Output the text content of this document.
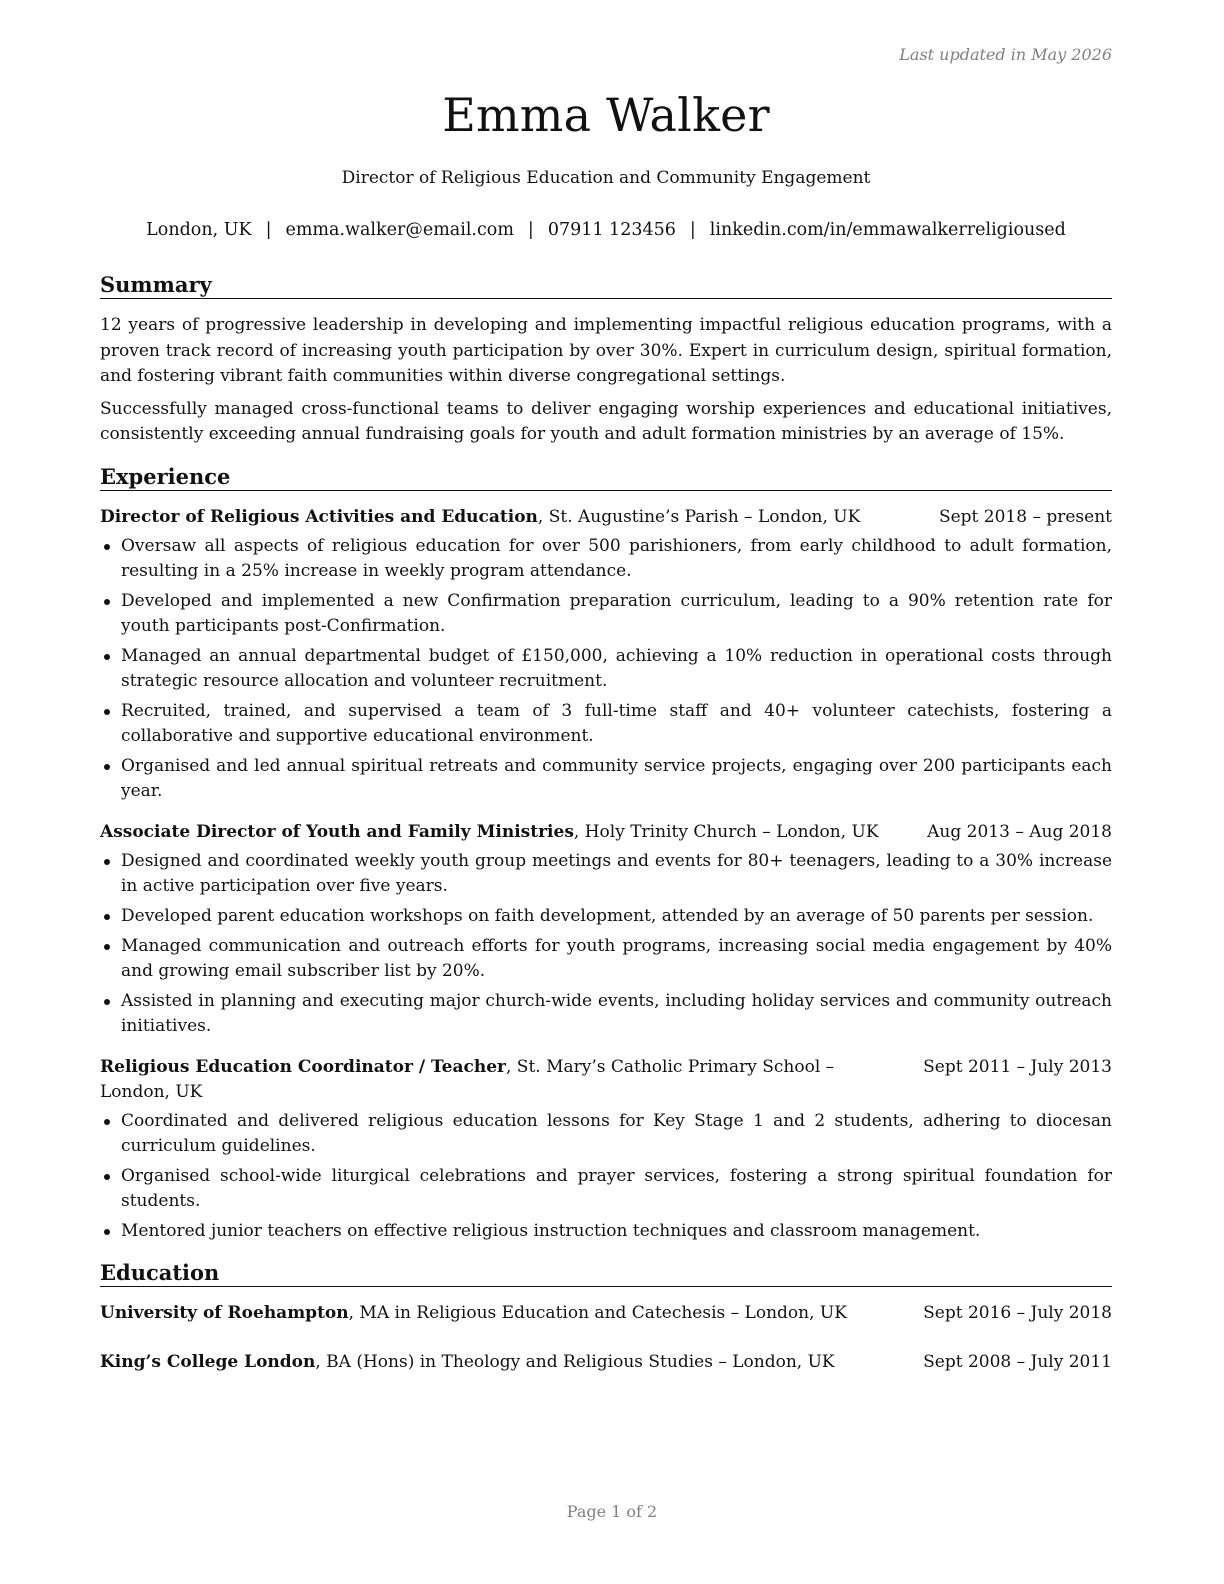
Last updated in May 2026
Emma Walker
Director of Religious Education and Community Engagement
London, UK | emma.walker@email.com | 07911 123456 | linkedin.com/in/emmawalkerreligioused
Summary

12 years of progressive leadership in developing and implementing impactful religious education programs, with a proven track record of increasing youth participation by over 30%. Expert in curriculum design, spiritual formation, and fostering vibrant faith communities within diverse congregational settings.

Successfully managed cross-functional teams to deliver engaging worship experiences and educational initiatives, consistently exceeding annual fundraising goals for youth and adult formation ministries by an average of 15%.

Experience
Director of Religious Activities and Education, St. Augustine’s Parish – London, UK	Sept 2018 – present
Oversaw all aspects of religious education for over 500 parishioners, from early childhood to adult formation, resulting in a 25% increase in weekly program attendance.
Developed and implemented a new Confirmation preparation curriculum, leading to a 90% retention rate for youth participants post-Confirmation.
Managed an annual departmental budget of £150,000, achieving a 10% reduction in operational costs through strategic resource allocation and volunteer recruitment.
Recruited, trained, and supervised a team of 3 full-time staff and 40+ volunteer catechists, fostering a collaborative and supportive educational environment.
Organised and led annual spiritual retreats and community service projects, engaging over 200 participants each year.
Associate Director of Youth and Family Ministries, Holy Trinity Church – London, UK	Aug 2013 – Aug 2018
Designed and coordinated weekly youth group meetings and events for 80+ teenagers, leading to a 30% increase in active participation over five years.
Developed parent education workshops on faith development, attended by an average of 50 parents per session.
Managed communication and outreach efforts for youth programs, increasing social media engagement by 40% and growing email subscriber list by 20%.
Assisted in planning and executing major church-wide events, including holiday services and community outreach initiatives.
Religious Education Coordinator / Teacher, St. Mary’s Catholic Primary School – London, UK
Sept 2011 – July 2013
Coordinated and delivered religious education lessons for Key Stage 1 and 2 students, adhering to diocesan curriculum guidelines.
Organised school-wide liturgical celebrations and prayer services, fostering a strong spiritual foundation for students.
Mentored junior teachers on effective religious instruction techniques and classroom management.
Education
University of Roehampton, MA in Religious Education and Catechesis – London, UK	Sept 2016 – July 2018
King’s College London, BA (Hons) in Theology and Religious Studies – London, UK	Sept 2008 – July 2011
Page 1 of 2
